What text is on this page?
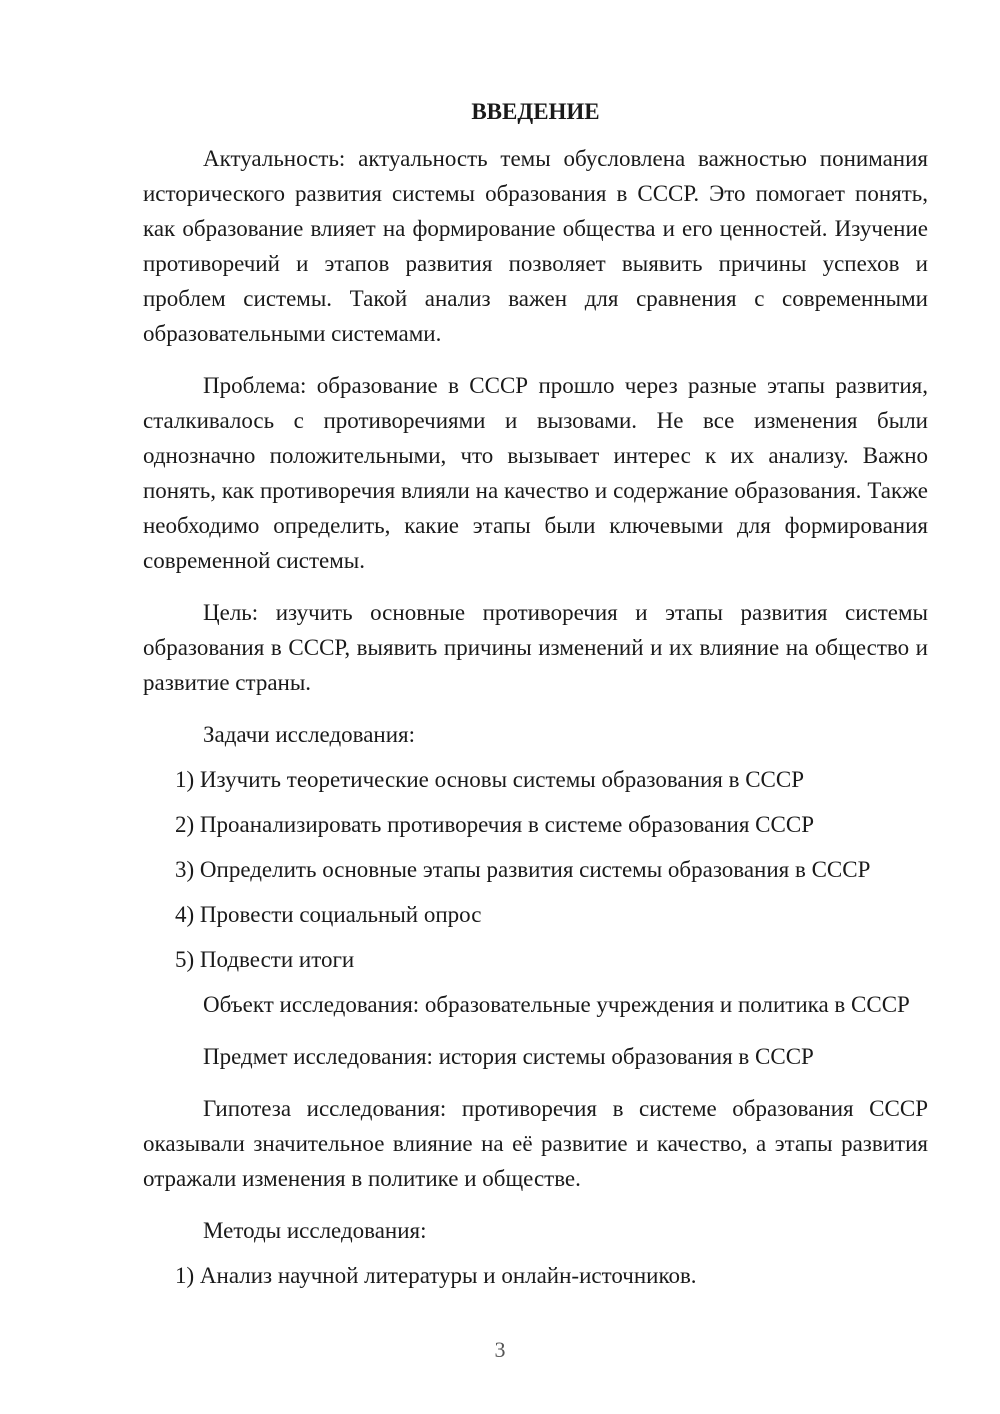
ВВЕДЕНИЕ

Актуальность: актуальность темы обусловлена важностью понимания исторического развития системы образования в СССР. Это помогает понять, как образование влияет на формирование общества и его ценностей. Изучение противоречий и этапов развития позволяет выявить причины успехов и проблем системы. Такой анализ важен для сравнения с современными образовательными системами.

Проблема: образование в СССР прошло через разные этапы развития, сталкивалось с противоречиями и вызовами. Не все изменения были однозначно положительными, что вызывает интерес к их анализу. Важно понять, как противоречия влияли на качество и содержание образования. Также необходимо определить, какие этапы были ключевыми для формирования современной системы.

Цель: изучить основные противоречия и этапы развития системы образования в СССР, выявить причины изменений и их влияние на общество и развитие страны.

Задачи исследования:

1) Изучить теоретические основы системы образования в СССР
2) Проанализировать противоречия в системе образования СССР
3) Определить основные этапы развития системы образования в СССР
4) Провести социальный опрос
5) Подвести итоги

Объект исследования: образовательные учреждения и политика в СССР

Предмет исследования: история системы образования в СССР

Гипотеза исследования: противоречия в системе образования СССР оказывали значительное влияние на её развитие и качество, а этапы развития отражали изменения в политике и обществе.

Методы исследования:

1) Анализ научной литературы и онлайн-источников.
3
